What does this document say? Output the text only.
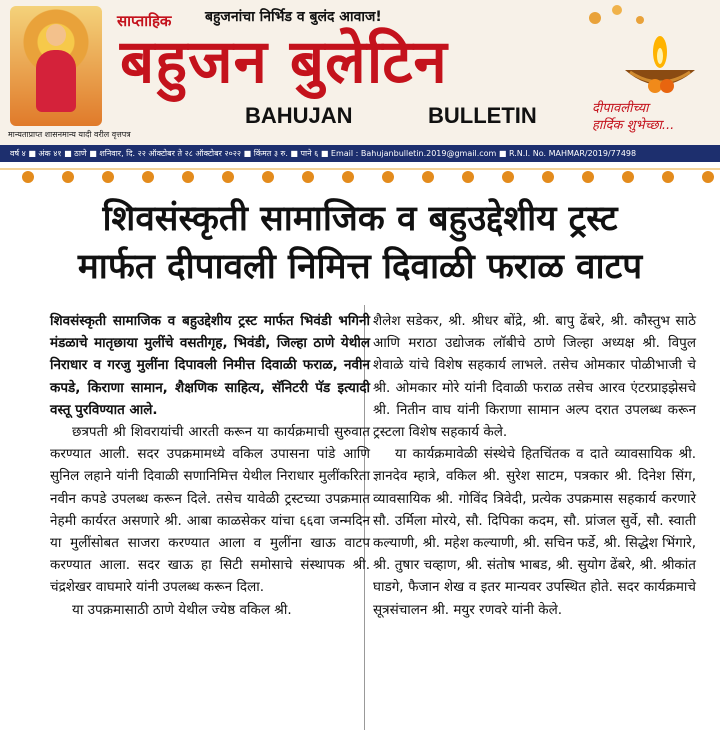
मान्यताप्राप्त शासनमान्य यादी वरील वृत्तपत्र
साप्ताहिक बहुजनांचा निर्भिड व बुलंद आवाज!
बहुजन बुलेटिन
BAHUJAN	BULLETIN	दीपावलीच्या
हार्दिक शुभेच्छा...
वर्ष ४ ■ अंक ४१ ■ ठाणे ■ शनिवार, दि. २२ ऑक्टोबर ते २८ ऑक्टोबर २०२२ ■ किंमत ३ रु. ■ पाने ६ ■ Email : Bahujanbulletin.2019@gmail.com ■ R.N.I. No. MAHMAR/2019/77498
शिवसंस्कृती सामाजिक व बहुउद्देशीय ट्रस्ट
मार्फत दीपावली निमित्त दिवाळी फराळ वाटप

शिवसंस्कृती सामाजिक व बहुउद्देशीय ट्रस्ट मार्फत भिवंडी भगिनी मंडळाचे मातृछाया मुलींचे वसतीगृह, भिवंडी, जिल्हा ठाणे येथील निराधार व गरजु मुलींना दिपावली निमीत्त दिवाळी फराळ, नवीन कपडे, किराणा सामान, शैक्षणिक साहित्य, सॅनिटरी पॅड इत्यादी वस्तू पुरविण्यात आले.

छत्रपती श्री शिवरायांची आरती करून या कार्यक्रमाची सुरुवात करण्यात आली. सदर उपक्रमामध्ये वकिल उपासना पांडे आणि सुनिल लहाने यांनी दिवाळी सणानिमित्त येथील निराधार मुलींकरिता नवीन कपडे उपलब्ध करून दिले. तसेच यावेळी ट्रस्टच्या उपक्रमात नेहमी कार्यरत असणारे श्री. आबा काळसेकर यांचा ६६वा जन्मदिन या मुलींसोबत साजरा करण्यात आला व मुलींना खाऊ वाटप करण्यात आला. सदर खाऊ हा सिटी समोसाचे संस्थापक श्री. चंद्रशेखर वाघमारे यांनी उपलब्ध करून दिला.

या उपक्रमासाठी ठाणे येथील ज्येष्ठ वकिल श्री.

शैलेश सडेकर, श्री. श्रीधर बोंद्रे, श्री. बापु ढेंबरे, श्री. कौस्तुभ साठे आणि मराठा उद्योजक लॉबीचे ठाणे जिल्हा अध्यक्ष श्री. विपुल शेवाळे यांचे विशेष सहकार्य लाभले. तसेच ओमकार पोळीभाजी चे श्री. ओमकार मोरे यांनी दिवाळी फराळ तसेच आरव एंटरप्राइझेसचे श्री. नितीन वाघ यांनी किराणा सामान अल्प दरात उपलब्ध करून ट्रस्टला विशेष सहकार्य केले.

या कार्यक्रमावेळी संस्थेचे हितचिंतक व दाते व्यावसायिक श्री. ज्ञानदेव म्हात्रे, वकिल श्री. सुरेश साटम, पत्रकार श्री. दिनेश सिंग, व्यावसायिक श्री. गोविंद त्रिवेदी, प्रत्येक उपक्रमास सहकार्य करणारे सौ. उर्मिला मोरये, सौ. दिपिका कदम, सौ. प्रांजल सुर्वे, सौ. स्वाती कल्याणी, श्री. महेश कल्याणी, श्री. सचिन फर्डे, श्री. सिद्धेश भिंगारे, श्री. तुषार चव्हाण, श्री. संतोष भाबड, श्री. सुयोग ढेंबरे, श्री. श्रीकांत घाडगे, फैजान शेख व इतर मान्यवर उपस्थित होते. सदर कार्यक्रमाचे सूत्रसंचालन श्री. मयुर रणवरे यांनी केले.
